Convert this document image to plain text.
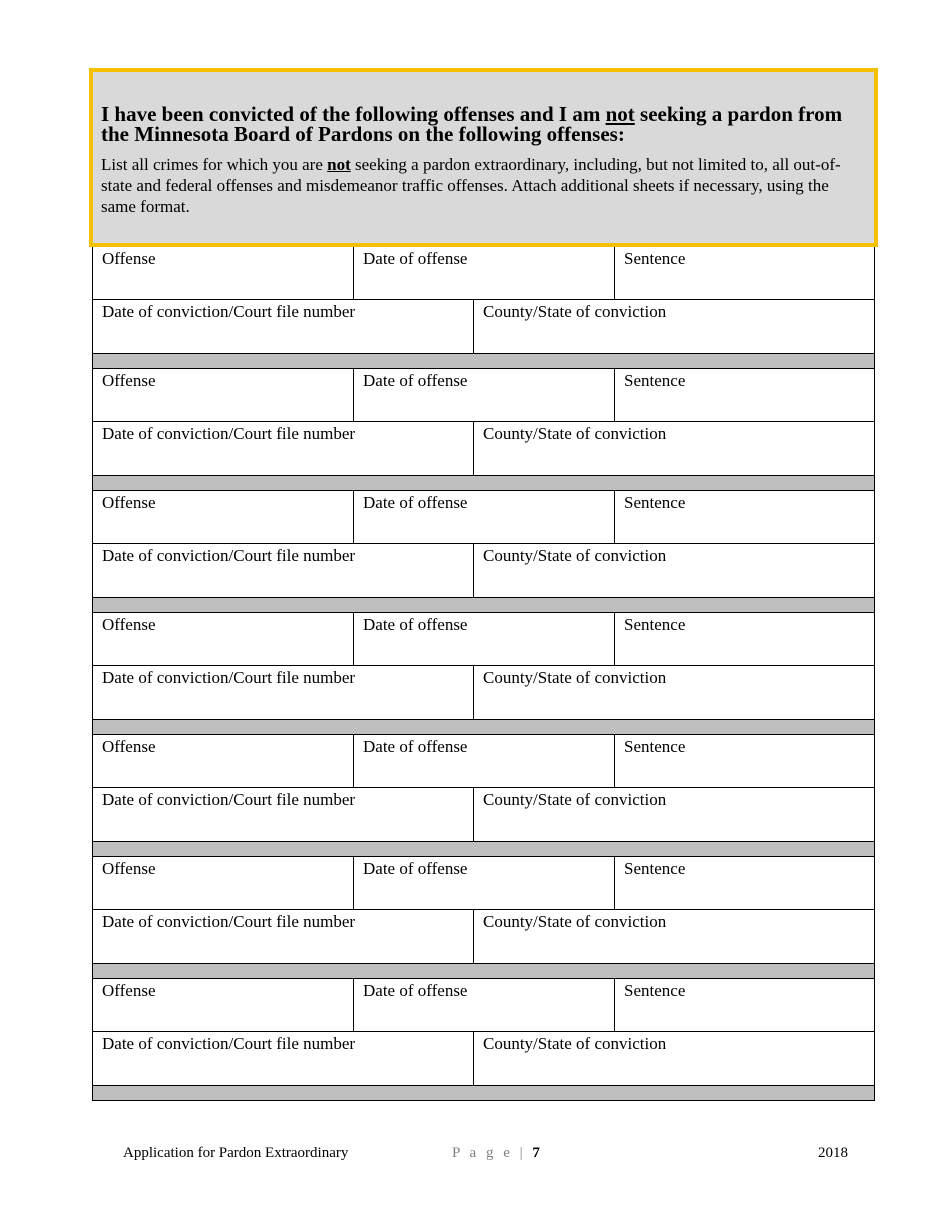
I have been convicted of the following offenses and I am not seeking a pardon from the Minnesota Board of Pardons on the following offenses:

List all crimes for which you are not seeking a pardon extraordinary, including, but not limited to, all out-of-state and federal offenses and misdemeanor traffic offenses. Attach additional sheets if necessary, using the same format.

Offense	Date of offense	Sentence
Date of conviction/Court file number	County/State of conviction
Offense	Date of offense	Sentence
Date of conviction/Court file number	County/State of conviction
Offense	Date of offense	Sentence
Date of conviction/Court file number	County/State of conviction
Offense	Date of offense	Sentence
Date of conviction/Court file number	County/State of conviction
Offense	Date of offense	Sentence
Date of conviction/Court file number	County/State of conviction
Offense	Date of offense	Sentence
Date of conviction/Court file number	County/State of conviction
Offense	Date of offense	Sentence
Date of conviction/Court file number	County/State of conviction
Application for Pardon Extraordinary	P a g e | 7	2018
